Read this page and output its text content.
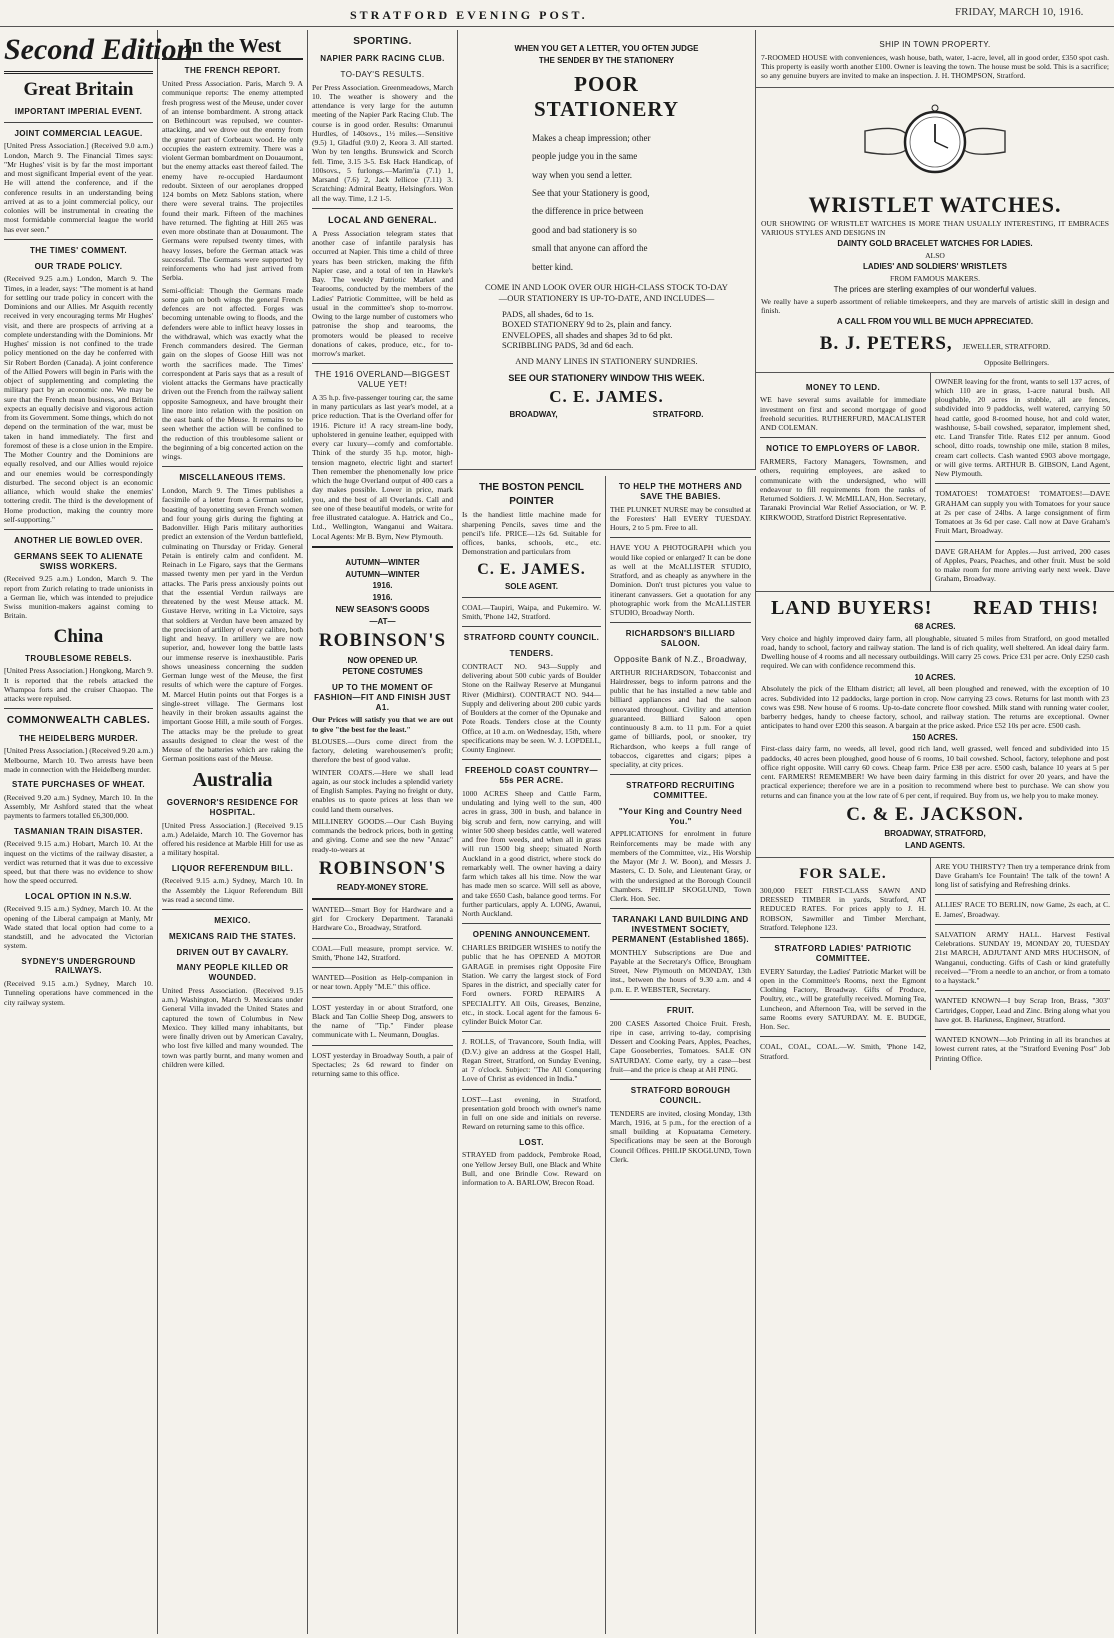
STRATFORD EVENING POST.	FRIDAY, MARCH 10, 1916.
Second Edition
Great Britain
IMPORTANT IMPERIAL EVENT.
JOINT COMMERCIAL LEAGUE.

[United Press Association.] (Received 9.0 a.m.) London, March 9. The Financial Times says: "Mr Hughes' visit is by far the most important and most significant Imperial event of the year. He will attend the conference, and if the conference results in an understanding being arrived at as to a joint commercial policy, our colonies will be instrumental in creating the most formidable commercial league the world has ever seen."

THE TIMES' COMMENT.
OUR TRADE POLICY.

(Received 9.25 a.m.) London, March 9. The Times, in a leader, says: "The moment is at hand for settling our trade policy in concert with the Dominions and our Allies. Mr Asquith recently received in very encouraging terms Mr Hughes' visit, and there are prospects of arriving at a complete understanding with the Dominions. Mr Hughes' mission is not confined to the trade policy mentioned on the day he conferred with Sir Robert Borden (Canada). A joint conference of the Allied Powers will begin in Paris with the object of supplementing and completing the military pact by an economic one. We may be sure that the French mean business, and Britain expects an equally decisive and vigorous action from its Government. Some things, which do not depend on the termination of the war, must be taken in hand immediately. The first and foremost of these is a close union in the Empire. The Mother Country and the Dominions are equally resolved, and our Allies would rejoice and our enemies would be correspondingly disturbed. The second object is an economic alliance, which would shake the enemies' tottering credit. The third is the development of Home production, making the country more self-supporting."

ANOTHER LIE BOWLED OVER.
GERMANS SEEK TO ALIENATE SWISS WORKERS.

(Received 9.25 a.m.) London, March 9. The report from Zurich relating to trade unionists in a German lie, which was intended to prejudice Swiss munition-makers against coming to Britain.

China
TROUBLESOME REBELS.

[United Press Association.] Hongkong, March 9. It is reported that the rebels attacked the Whampoa forts and the cruiser Chaopao. The attacks were repulsed.

COMMONWEALTH CABLES.
THE HEIDELBERG MURDER.

[United Press Association.] (Received 9.20 a.m.) Melbourne, March 10. Two arrests have been made in connection with the Heidelberg murder.

STATE PURCHASES OF WHEAT.

(Received 9.20 a.m.) Sydney, March 10. In the Assembly, Mr Ashford stated that the wheat payments to farmers totalled £6,300,000.

TASMANIAN TRAIN DISASTER.

(Received 9.15 a.m.) Hobart, March 10. At the inquest on the victims of the railway disaster, a verdict was returned that it was due to excessive speed, but that there was no evidence to show how the speed occurred.

LOCAL OPTION IN N.S.W.

(Received 9.15 a.m.) Sydney, March 10. At the opening of the Liberal campaign at Manly, Mr Wade stated that local option had come to a standstill, and he advocated the Victorian system.

SYDNEY'S UNDERGROUND RAILWAYS.

(Received 9.15 a.m.) Sydney, March 10. Tunneling operations have commenced in the city railway system.

In the West
THE FRENCH REPORT.

United Press Association. Paris, March 9. A communique reports: The enemy attempted fresh progress west of the Meuse, under cover of an intense bombardment. A strong attack on Bethincourt was repulsed, we counter-attacking, and we drove out the enemy from the greater part of Corbeaux wood. He only occupies the eastern extremity. There was a violent German bombardment on Douaumont, but the enemy attacks east thereof failed. The enemy have re-occupied Hardaumont redoubt. Sixteen of our aeroplanes dropped 124 bombs on Metz Sablons station, where there were several trains. The projectiles found their mark. Fifteen of the machines have returned. The fighting at Hill 265 was even more obstinate than at Douaumont. The Germans were repulsed twenty times, with heavy losses, before the German attack was successful. The Germans were supported by reinforcements who had just arrived from Serbia.

Semi-official: Though the Germans made some gain on both wings the general French defences are not affected. Forges was becoming untenable owing to floods, and the defenders were able to inflict heavy losses in the withdrawal, which was exactly what the French commanders desired. The German gain on the slopes of Goose Hill was not worth the sacrifices made. The Times' correspondent at Paris says that as a result of violent attacks the Germans have practically driven out the French from the railway salient opposite Samogneux, and have brought their line more into relation with the position on the east bank of the Meuse. It remains to be seen whether the action will be confined to the reduction of this troublesome salient or the beginning of a big concerted action on the wings.

MISCELLANEOUS ITEMS.

London, March 9. The Times publishes a facsimile of a letter from a German soldier, boasting of bayonetting seven French women and four young girls during the fighting at Badonviller. High Paris military authorities predict an extension of the Verdun battlefield, culminating on Thursday or Friday. General Petain is entirely calm and confident. M. Reinach in Le Figaro, says that the Germans massed twenty men per yard in the Verdun attacks. The Paris press anxiously points out that the essential Verdun railways are threatened by the west Meuse attack. M. Gustave Herve, writing in La Victoire, says that soldiers at Verdun have been amazed by the precision of artillery of every calibre, both light and heavy. In artillery we are now superior, and, however long the battle lasts our immense reserve is inexhaustible. Paris shows uneasiness concerning the sudden German lunge west of the Meuse, the first results of which were the capture of Forges. M. Marcel Hutin points out that Forges is a single-street village. The Germans lost heavily in their broken assaults against the important Goose Hill, a mile south of Forges. The attacks may be the prelude to great assaults designed to clear the west of the Meuse of the batteries which are raking the German positions east of the Meuse.

Australia
GOVERNOR'S RESIDENCE FOR HOSPITAL.

[United Press Association.] (Received 9.15 a.m.) Adelaide, March 10. The Governor has offered his residence at Marble Hill for use as a military hospital.

LIQUOR REFERENDUM BILL.

(Received 9.15 a.m.) Sydney, March 10. In the Assembly the Liquor Referendum Bill was read a second time.

MEXICO.
MEXICANS RAID THE STATES.
DRIVEN OUT BY CAVALRY.
MANY PEOPLE KILLED OR WOUNDED.

United Press Association. (Received 9.15 a.m.) Washington, March 9. Mexicans under General Villa invaded the United States and captured the town of Columbus in New Mexico. They killed many inhabitants, but were finally driven out by American Cavalry, who lost five killed and many wounded. The town was partly burnt, and many women and children were killed.

SPORTING.
NAPIER PARK RACING CLUB.
TO-DAY'S RESULTS.

Per Press Association. Greenmeadows, March 10. The weather is showery and the attendance is very large for the autumn meeting of the Napier Park Racing Club. The course is in good order. Results: Omarunui Hurdles, of 140sovs., 1½ miles.—Sensitive (9.5) 1, Gladful (9.0) 2, Keora 3. All started. Won by ten lengths. Brunswick and Scorch fell. Time, 3.15 3-5. Esk Hack Handicap, of 100sovs., 5 furlongs.—Marim'ia (7.1) 1, Marsand (7.6) 2, Jack Jellicoe (7.11) 3. Scratching: Admiral Beatty, Helsingfors. Won all the way. Time, 1.2 1-5.

LOCAL AND GENERAL.

A Press Association telegram states that another case of infantile paralysis has occurred at Napier. This time a child of three years has been stricken, making the fifth Napier case, and a total of ten in Hawke's Bay. The weekly Patriotic Market and Tearooms, conducted by the members of the Ladies' Patriotic Committee, will be held as usual in the committee's shop to-morrow. Owing to the large number of customers who patronise the shop and tearooms, the promoters would be pleased to receive donations of cakes, produce, etc., for to-morrow's market.

THE 1916 OVERLAND—BIGGEST VALUE YET!

A 35 h.p. five-passenger touring car, the same in many particulars as last year's model, at a price reduction. That is the Overland offer for 1916. Picture it! A racy stream-line body, upholstered in genuine leather, equipped with every car luxury—comfy and comfortable. Think of the sturdy 35 h.p. motor, high-tension magneto, electric light and starter! Then remember the phenomenally low price which the huge Overland output of 400 cars a day makes possible. Lower in price, mark you, and the best of all Overlands. Call and see one of these beautiful models, or write for free illustrated catalogue. A. Hatrick and Co., Ltd., Wellington, Wanganui and Waitara. Local Agents: Mr B. Byrn, New Plymouth.

AUTUMN—WINTER
AUTUMN—WINTER
1916.
1916.
NEW SEASON'S GOODS
—AT—
ROBINSON'S
NOW OPENED UP.
PETONE COSTUMES
UP TO THE MOMENT OF FASHION—FIT AND FINISH JUST A1.

Our Prices will satisfy you that we are out to give "the best for the least."

BLOUSES.—Ours come direct from the factory, deleting warehousemen's profit; therefore the best of good value.

WINTER COATS.—Here we shall lead again, as our stock includes a splendid variety of English Samples. Paying no freight or duty, enables us to quote prices at less than we could land them ourselves.

MILLINERY GOODS.—Our Cash Buying commands the bedrock prices, both in getting and giving. Come and see the new "Anzac" ready-to-wears at

ROBINSON'S
READY-MONEY STORE.

WANTED—Smart Boy for Hardware and a girl for Crockery Department. Taranaki Hardware Co., Broadway, Stratford.

COAL—Full measure, prompt service. W. Smith, 'Phone 142, Stratford.

WANTED—Position as Help-companion in or near town. Apply "M.E." this office.

LOST yesterday in or about Stratford, one Black and Tan Collie Sheep Dog, answers to the name of "Tip." Finder please communicate with L. Neumann, Douglas.

LOST yesterday in Broadway South, a pair of Spectacles; 2s 6d reward to finder on returning same to this office.

WHEN YOU GET A LETTER, YOU OFTEN JUDGE
THE SENDER BY THE STATIONERY
POOR
STATIONERY
Makes a cheap impression; other
people judge you in the same
way when you send a letter.
See that your Stationery is good,
the difference in price between
good and bad stationery is so
small that anyone can afford the
better kind.
COME IN AND LOOK OVER OUR HIGH-CLASS STOCK TO-DAY—OUR STATIONERY IS UP-TO-DATE, AND INCLUDES—
PADS, all shades, 6d to 1s.
BOXED STATIONERY 9d to 2s, plain and fancy.
ENVELOPES, all shades and shapes 3d to 6d pkt.
SCRIBBLING PADS, 3d and 6d each.
AND MANY LINES IN STATIONERY SUNDRIES.
SEE OUR STATIONERY WINDOW THIS WEEK.
C. E. JAMES.
BROADWAY,	STRATFORD.
THE BOSTON PENCIL
POINTER

Is the handiest little machine made for sharpening Pencils, saves time and the pencil's life. PRICE—12s 6d. Suitable for offices, banks, schools, etc., etc. Demonstration and particulars from

C. E. JAMES.
SOLE AGENT.

COAL—Taupiri, Waipa, and Pukemiro. W. Smith, 'Phone 142, Stratford.

STRATFORD COUNTY COUNCIL.
TENDERS.

CONTRACT NO. 943—Supply and delivering about 500 cubic yards of Boulder Stone on the Railway Reserve at Munganui River (Midhirst). CONTRACT NO. 944—Supply and delivering about 200 cubic yards of Boulders at the corner of the Opunake and Pote Roads. Tenders close at the County Office, at 10 a.m. on Wednesday, 15th, where specifications may be seen. W. J. LOPDELL, County Engineer.

FREEHOLD COAST COUNTRY—55s PER ACRE.

1000 ACRES Sheep and Cattle Farm, undulating and lying well to the sun, 400 acres in grass, 300 in bush, and balance in big scrub and fern, now carrying, and will winter 500 sheep besides cattle, well watered and free from weeds, and when all in grass will run 1500 big sheep; situated North Auckland in a good district, where stock do remarkably well. The owner having a dairy farm which takes all his time. Now the war has made men so scarce. Will sell as above, and take £650 Cash, balance good terms. For further particulars, apply A. LONG, Awanui, North Auckland.

OPENING ANNOUNCEMENT.

CHARLES BRIDGER WISHES to notify the public that he has OPENED A MOTOR GARAGE in premises right Opposite Fire Station. We carry the largest stock of Ford Spares in the district, and specially cater for Ford owners. FORD REPAIRS A SPECIALITY. All Oils, Greases, Benzine, etc., in stock. Local agent for the famous 6-cylinder Buick Motor Car.

J. ROLLS, of Travancore, South India, will (D.V.) give an address at the Gospel Hall, Regan Street, Stratford, on Sunday Evening, at 7 o'clock. Subject: "The All Conquering Love of Christ as evidenced in India."

LOST—Last evening, in Stratford, presentation gold brooch with owner's name in full on one side and initials on reverse. Reward on returning same to this office.

LOST.

STRAYED from paddock, Pembroke Road, one Yellow Jersey Bull, one Black and White Bull, and one Brindle Cow. Reward on information to A. BARLOW, Brecon Road.

TO HELP THE MOTHERS AND SAVE THE BABIES.

THE PLUNKET NURSE may be consulted at the Foresters' Hall EVERY TUESDAY. Hours, 2 to 5 pm. Free to all.

HAVE YOU A PHOTOGRAPH which you would like copied or enlarged? It can be done as well at the McALLISTER STUDIO, Stratford, and as cheaply as anywhere in the Dominion. Don't trust pictures you value to itinerant canvassers. Get a quotation for any photographic work from the McALLISTER STUDIO, Broadway North.

RICHARDSON'S BILLIARD SALOON.
Opposite Bank of N.Z., Broadway,

ARTHUR RICHARDSON, Tobacconist and Hairdresser, begs to inform patrons and the public that he has installed a new table and billiard appliances and had the saloon renovated throughout. Civility and attention guaranteed. Billiard Saloon open continuously 8 a.m. to 11 p.m. For a quiet game of billiards, pool, or snooker, try Richardson, who keeps a full range of tobaccos, cigarettes and cigars; pipes a speciality, at city prices.

STRATFORD RECRUITING COMMITTEE.
"Your King and Country Need You."

APPLICATIONS for enrolment in future Reinforcements may be made with any members of the Committee, viz., His Worship the Mayor (Mr J. W. Boon), and Messrs J. Masters, C. D. Sole, and Lieutenant Gray, or with the undersigned at the Borough Council Chambers. PHILIP SKOGLUND, Town Clerk. Hon. Sec.

TARANAKI LAND BUILDING AND INVESTMENT SOCIETY, PERMANENT (Established 1865).

MONTHLY Subscriptions are Due and Payable at the Secretary's Office, Brougham Street, New Plymouth on MONDAY, 13th inst., between the hours of 9.30 a.m. and 4 p.m. E. P. WEBSTER, Secretary.

FRUIT.

200 CASES Assorted Choice Fruit. Fresh, ripe in case, arriving to-day, comprising Dessert and Cooking Pears, Apples, Peaches, Cape Gooseberries, Tomatoes. SALE ON SATURDAY. Come early, try a case—best fruit—and the price is cheap at AH PING.

STRATFORD BOROUGH COUNCIL.

TENDERS are invited, closing Monday, 13th March, 1916, at 5 p.m., for the erection of a small building at Kopuatama Cemetery. Specifications may be seen at the Borough Council Offices. PHILIP SKOGLUND, Town Clerk.

SHIP IN TOWN PROPERTY.

7-ROOMED HOUSE with conveniences, wash house, bath, water, 1-acre, level, all in good order, £350 spot cash. This property is easily worth another £100. Owner is leaving the town. The house must be sold. This is a sacrifice; so any genuine buyers are invited to make an inspection. J. H. THOMPSON, Stratford.

WRISTLET WATCHES.

OUR SHOWING OF WRISTLET WATCHES IS MORE THAN USUALLY INTERESTING, IT EMBRACES VARIOUS STYLES AND DESIGNS IN

DAINTY GOLD BRACELET WATCHES FOR LADIES.
ALSO
LADIES' AND SOLDIERS' WRISTLETS
FROM FAMOUS MAKERS.
The prices are sterling examples of our wonderful values.

We really have a superb assortment of reliable timekeepers, and they are marvels of artistic skill in design and finish.

A CALL FROM YOU WILL BE MUCH APPRECIATED.
B. J. PETERS, JEWELLER, STRATFORD.
Opposite Bellringers.
MONEY TO LEND.

WE have several sums available for immediate investment on first and second mortgage of good freehold securities. RUTHERFURD, MACALISTER AND COLEMAN.

NOTICE TO EMPLOYERS OF LABOR.

FARMERS, Factory Managers, Townsmen, and others, requiring employees, are asked to communicate with the undersigned, who will endeavour to fill requirements from the ranks of Returned Soldiers. J. W. McMILLAN, Hon. Secretary, Taranaki Provincial War Relief Association, or W. P. KIRKWOOD, Stratford District Representative.

OWNER leaving for the front, wants to sell 137 acres, of which 110 are in grass, 1-acre natural bush. All ploughable, 20 acres in stubble, all are fences, subdivided into 9 paddocks, well watered, carrying 50 head cattle, good 8-roomed house, hot and cold water, washhouse, 5-bail cowshed, separator, implement shed, etc. Land Transfer Title. Rates £12 per annum. Good school, ditto roads, township one mile, station 8 miles, cream cart collects. Cash wanted £903 above mortgage, or will give terms. ARTHUR B. GIBSON, Land Agent, New Plymouth.

TOMATOES! TOMATOES! TOMATOES!—DAVE GRAHAM can supply you with Tomatoes for your sauce at 2s per case of 24lbs. A large consignment of firm Tomatoes at 3s 6d per case. Call now at Dave Graham's Fruit Mart, Broadway.

DAVE GRAHAM for Apples.—Just arrived, 200 cases of Apples, Pears, Peaches, and other fruit. Must be sold to make room for more arriving early next week. Dave Graham, Broadway.

LAND BUYERS! READ THIS!
68 ACRES.

Very choice and highly improved dairy farm, all ploughable, situated 5 miles from Stratford, on good metalled road, handy to school, factory and railway station. The land is of rich quality, well sheltered. An ideal dairy farm. Dwelling house of 4 rooms and all necessary outbuildings. Will carry 25 cows. Price £31 per acre. Only £250 cash required. We can with confidence recommend this.

10 ACRES.

Absolutely the pick of the Eltham district; all level, all been ploughed and renewed, with the exception of 10 acres. Subdivided into 12 paddocks, large portion in crop. Now carrying 23 cows. Returns for last month with 23 cows was £98. New house of 6 rooms. Up-to-date concrete floor cowshed. Milk stand with running water cooler, barberry hedges, handy to cheese factory, school, and railway station. The returns are exceptional. Owner anticipates to hand over £200 this season. A bargain at the price asked. Price £52 10s per acre. £500 cash.

150 ACRES.

First-class dairy farm, no weeds, all level, good rich land, well grassed, well fenced and subdivided into 15 paddocks, 40 acres been ploughed, good house of 6 rooms, 10 bail cowshed. School, factory, telephone and post office right opposite. Will carry 60 cows. Cheap farm. Price £38 per acre. £500 cash, balance 10 years at 5 per cent. FARMERS! REMEMBER! We have been dairy farming in this district for over 20 years, and have the practical experience; therefore we are in a position to recommend where best to purchase. We can show you returns and can finance you at the low rate of 6 per cent, if required. Buy from us, we help you to make money.

C. & E. JACKSON.
BROADWAY, STRATFORD,
LAND AGENTS.
FOR SALE.

300,000 FEET FIRST-CLASS SAWN AND DRESSED TIMBER in yards, Stratford, AT REDUCED RATES. For prices apply to J. H. ROBSON, Sawmiller and Timber Merchant, Stratford. Telephone 123.

STRATFORD LADIES' PATRIOTIC COMMITTEE.

EVERY Saturday, the Ladies' Patriotic Market will be open in the Committee's Rooms, next the Egmont Clothing Factory, Broadway. Gifts of Produce, Poultry, etc., will be gratefully received. Morning Tea, Luncheon, and Afternoon Tea, will be served in the same Rooms every SATURDAY. M. E. BUDGE, Hon. Sec.

COAL, COAL, COAL.—W. Smith, 'Phone 142, Stratford.

ARE YOU THIRSTY? Then try a temperance drink from Dave Graham's Ice Fountain! The talk of the town! A long list of satisfying and Refreshing drinks.

ALLIES' RACE TO BERLIN, now Game, 2s each, at C. E. James', Broadway.

SALVATION ARMY HALL. Harvest Festival Celebrations. SUNDAY 19, MONDAY 20, TUESDAY 21st MARCH, ADJUTANT AND MRS HUCHSON, of Wanganui, conducting. Gifts of Cash or kind gratefully received—"From a needle to an anchor, or from a tomato to a haystack."

WANTED KNOWN—I buy Scrap Iron, Brass, "303" Cartridges, Copper, Lead and Zinc. Bring along what you have got. B. Harkness, Engineer, Stratford.

WANTED KNOWN—Job Printing in all its branches at lowest current rates, at the "Stratford Evening Post" Job Printing Office.
